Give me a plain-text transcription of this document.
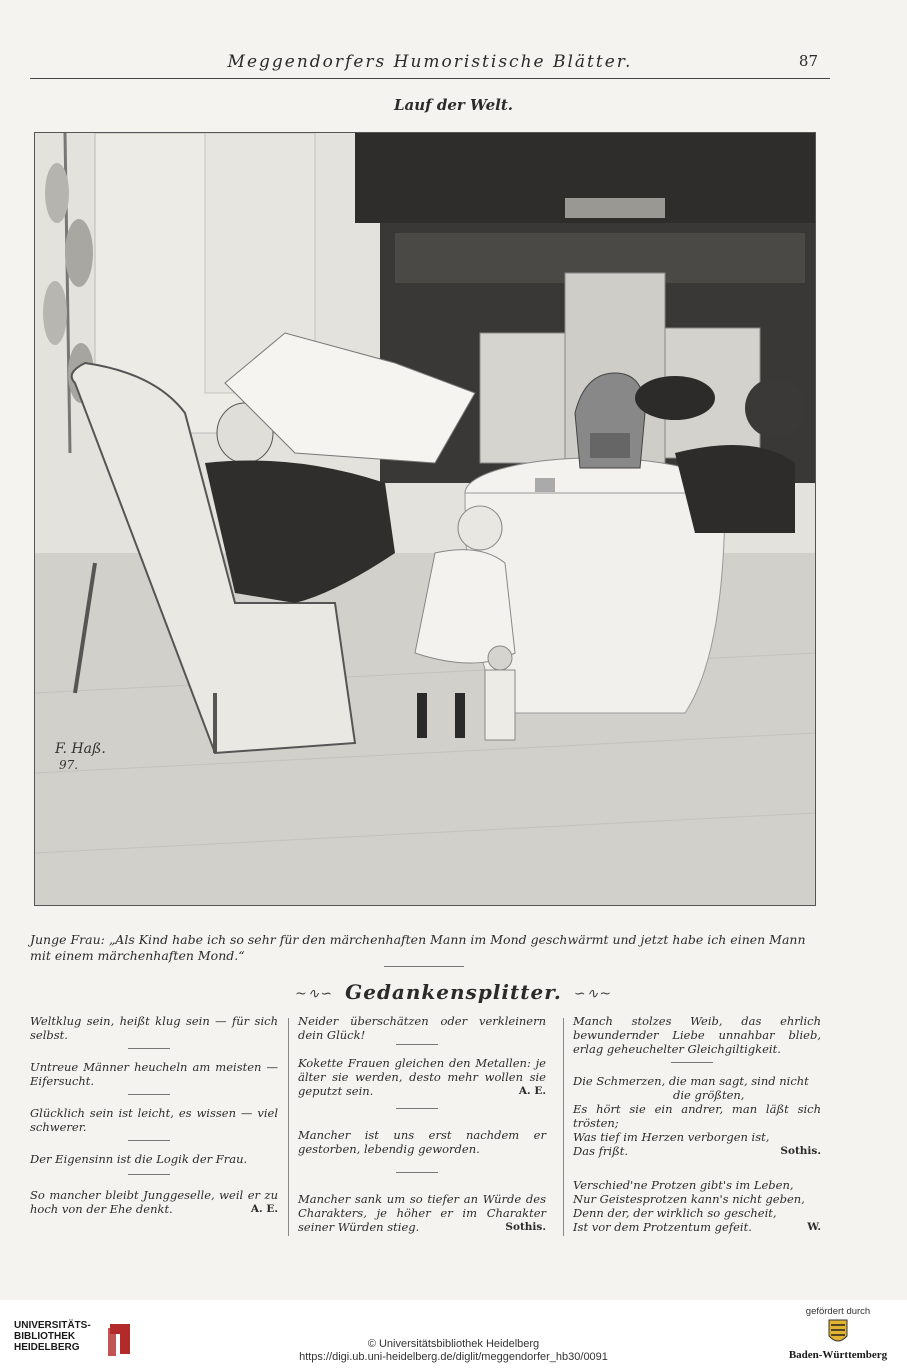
Meggendorfers Humoristische Blätter.	87
Lauf der Welt.
F. Haß.
97.
Junge Frau: „Als Kind habe ich so sehr für den märchenhaften Mann im Mond geschwärmt und jetzt habe ich einen Mann mit einem märchenhaften Mond.“
~∿∽ Gedankensplitter. ∽∿~
Weltklug sein, heißt klug sein — für sich selbst.
Untreue Männer heucheln am meisten — Eifersucht.
Glücklich sein ist leicht, es wissen — viel schwerer.
Der Eigensinn ist die Logik der Frau.
So mancher bleibt Junggeselle, weil er zu hoch von der Ehe denkt.	A. E.
Neider überschätzen oder verkleinern dein Glück!
Kokette Frauen gleichen den Metallen: je älter sie werden, desto mehr wollen sie geputzt sein.	A. E.
Mancher ist uns erst nachdem er gestorben, lebendig geworden.
Mancher sank um so tiefer an Würde des Charakters, je höher er im Charakter seiner Würden stieg.	Sothis.
Manch stolzes Weib, das ehrlich bewundernder Liebe unnahbar blieb, erlag geheuchelter Gleichgiltigkeit.
Die Schmerzen, die man sagt, sind nicht
die größten,
Es hört sie ein andrer, man läßt sich trösten;
Was tief im Herzen verborgen ist,
Das frißt.	Sothis.
Verschied'ne Protzen gibt's im Leben,
Nur Geistesprotzen kann's nicht geben,
Denn der, der wirklich so gescheit,
Ist vor dem Protzentum gefeit.	W.
UNIVERSITÄTS-
BIBLIOTHEK
HEIDELBERG	© Universitätsbibliothek Heidelberg
https://digi.ub.uni-heidelberg.de/diglit/meggendorfer_hb30/0091
gefördert durch
Baden-Württemberg
